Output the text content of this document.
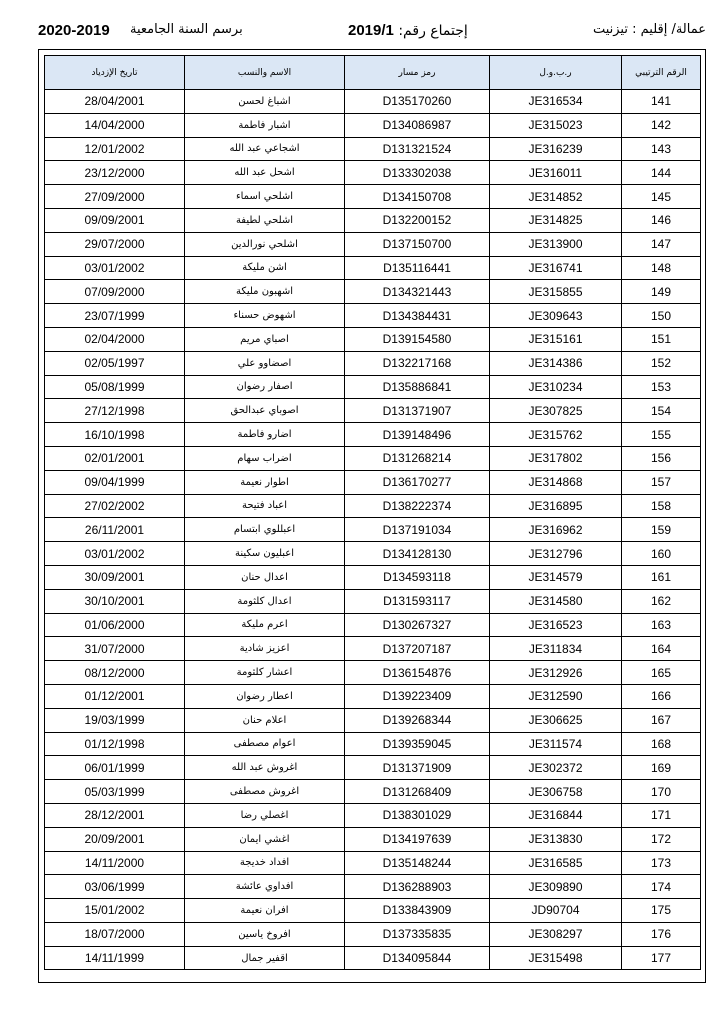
2020-2019 برسم السنة الجامعية	إجتماع رقم: 2019/1	عمالة/ إقليم : تيزنيت
تاريخ الإزدياد	الاسم والنسب	رمز مسار	ر.ب.و.ل	الرقم الترتيبي
28/04/2001	اشباغ لحسن	D135170260	JE316534	141
14/04/2000	اشبار فاطمة	D134086987	JE315023	142
12/01/2002	اشجاعي عبد الله	D131321524	JE316239	143
23/12/2000	اشحل عبد الله	D133302038	JE316011	144
27/09/2000	اشلحي اسماء	D134150708	JE314852	145
09/09/2001	اشلحي لطيفة	D132200152	JE314825	146
29/07/2000	اشلحي نورالدين	D137150700	JE313900	147
03/01/2002	اشن مليكة	D135116441	JE316741	148
07/09/2000	اشهبون مليكة	D134321443	JE315855	149
23/07/1999	اشهوض حسناء	D134384431	JE309643	150
02/04/2000	اصباي مريم	D139154580	JE315161	151
02/05/1997	اصضاوو علي	D132217168	JE314386	152
05/08/1999	اصفار رضوان	D135886841	JE310234	153
27/12/1998	اصوباي عبدالحق	D131371907	JE307825	154
16/10/1998	اضارو فاطمة	D139148496	JE315762	155
02/01/2001	اضراب سهام	D131268214	JE317802	156
09/04/1999	اطوار نعيمة	D136170277	JE314868	157
27/02/2002	اعباد فتيحة	D138222374	JE316895	158
26/11/2001	اعبللوي ابتسام	D137191034	JE316962	159
03/01/2002	اعبليون سكينة	D134128130	JE312796	160
30/09/2001	اعدال حنان	D134593118	JE314579	161
30/10/2001	اعدال كلثومة	D131593117	JE314580	162
01/06/2000	اعرم مليكة	D130267327	JE316523	163
31/07/2000	اعزيز شادية	D137207187	JE311834	164
08/12/2000	اعشار كلثومة	D136154876	JE312926	165
01/12/2001	اعطار رضوان	D139223409	JE312590	166
19/03/1999	اعلام حنان	D139268344	JE306625	167
01/12/1998	اعوام مصطفى	D139359045	JE311574	168
06/01/1999	اغروش عبد الله	D131371909	JE302372	169
05/03/1999	اغروش مصطفى	D131268409	JE306758	170
28/12/2001	اغصلي رضا	D138301029	JE316844	171
20/09/2001	اغشي ايمان	D134197639	JE313830	172
14/11/2000	افداد خديجة	D135148244	JE316585	173
03/06/1999	افداوي عائشة	D136288903	JE309890	174
15/01/2002	افران نعيمة	D133843909	JD90704	175
18/07/2000	افروخ ياسين	D137335835	JE308297	176
14/11/1999	اقفير جمال	D134095844	JE315498	177
